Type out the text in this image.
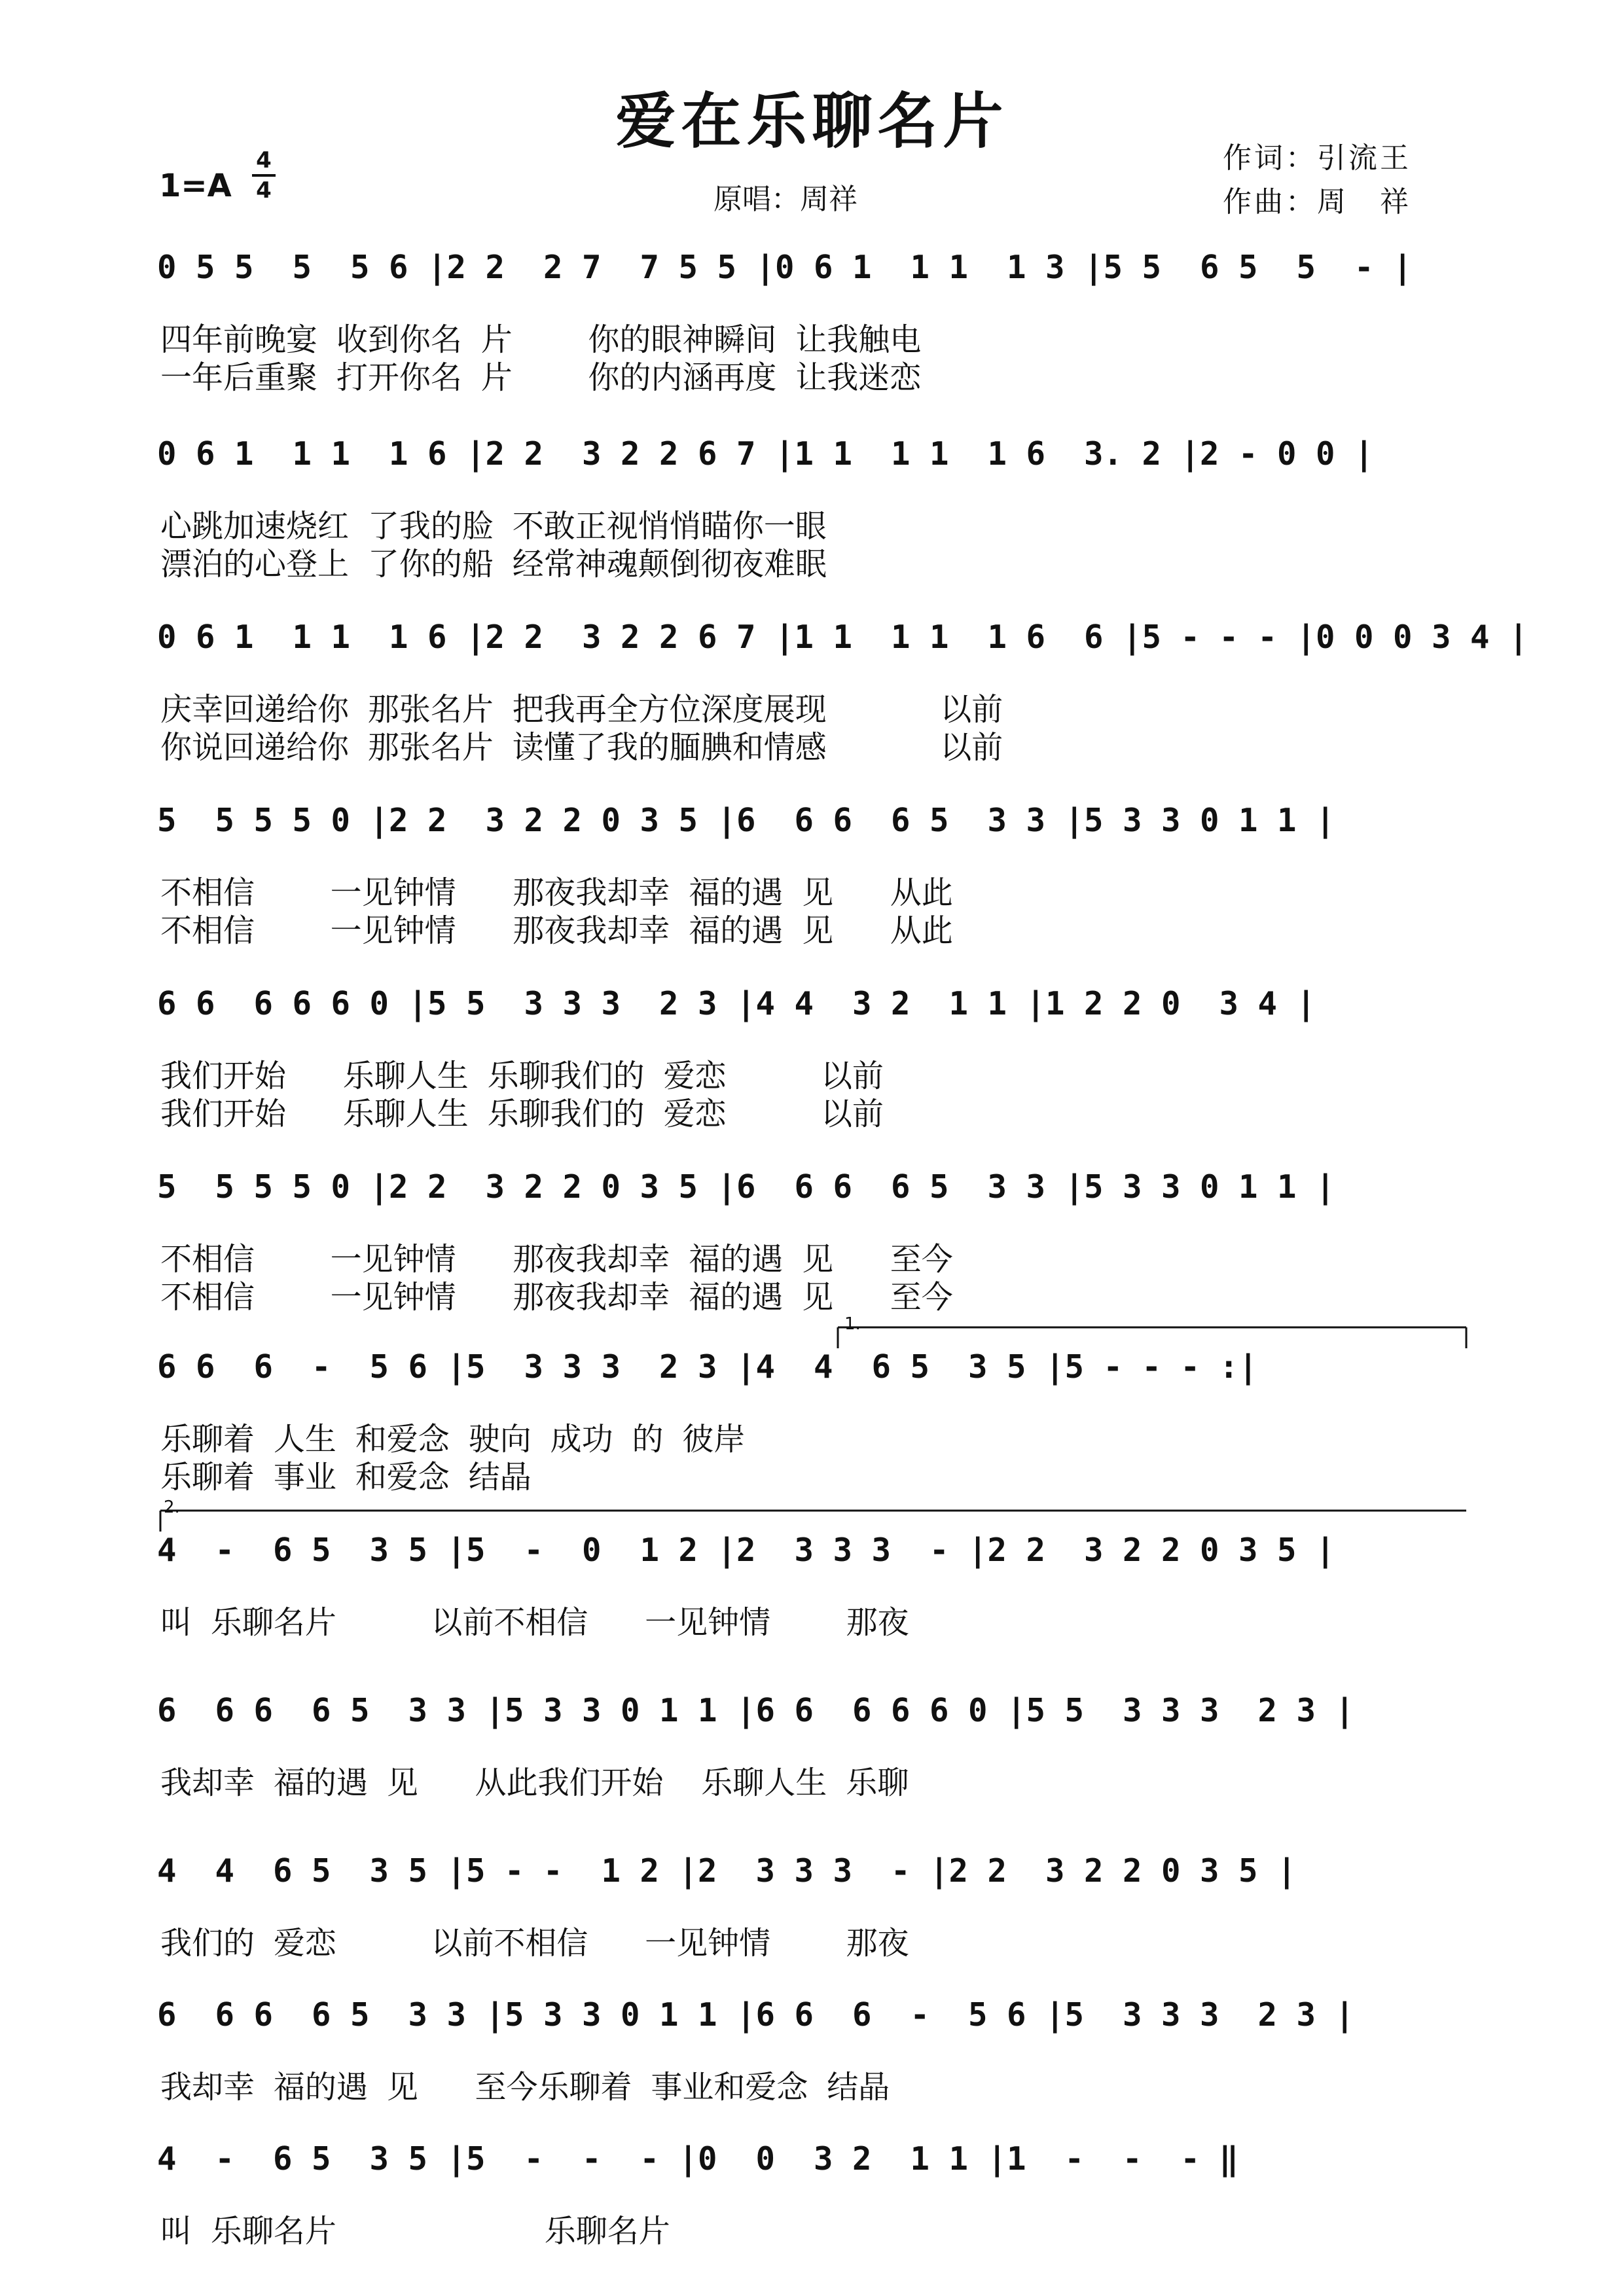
爱在乐聊名片
1=A
4
4	原唱：周祥
作词：引流王
作曲：周　祥
0 5 5  5  5 6 |2 2  2 7  7 5 5 |0 6 1  1 1  1 3 |5 5  6 5  5  - |
四年前晚宴 收到你名 片    你的眼神瞬间 让我触电
一年后重聚 打开你名 片    你的内涵再度 让我迷恋
0 6 1  1 1  1 6 |2 2  3 2 2 6 7 |1 1  1 1  1 6  3. 2 |2 - 0 0 |
心跳加速烧红 了我的脸 不敢正视悄悄瞄你一眼
漂泊的心登上 了你的船 经常神魂颠倒彻夜难眠
0 6 1  1 1  1 6 |2 2  3 2 2 6 7 |1 1  1 1  1 6  6 |5 - - - |0 0 0 3 4 |
庆幸回递给你 那张名片 把我再全方位深度展现      以前
你说回递给你 那张名片 读懂了我的腼腆和情感      以前
5  5 5 5 0 |2 2  3 2 2 0 3 5 |6  6 6  6 5  3 3 |5 3 3 0 1 1 |
不相信    一见钟情   那夜我却幸 福的遇 见   从此
不相信    一见钟情   那夜我却幸 福的遇 见   从此
6 6  6 6 6 0 |5 5  3 3 3  2 3 |4 4  3 2  1 1 |1 2 2 0  3 4 |
我们开始   乐聊人生 乐聊我们的 爱恋     以前
我们开始   乐聊人生 乐聊我们的 爱恋     以前
5  5 5 5 0 |2 2  3 2 2 0 3 5 |6  6 6  6 5  3 3 |5 3 3 0 1 1 |
不相信    一见钟情   那夜我却幸 福的遇 见   至今
不相信    一见钟情   那夜我却幸 福的遇 见   至今
6 6  6  -  5 6 |5  3 3 3  2 3 |4  4  6 5  3 5 |5 - - - :|
乐聊着 人生 和爱念 驶向 成功 的 彼岸
乐聊着 事业 和爱念 结晶
1.
4  -  6 5  3 5 |5  -  0  1 2 |2  3 3 3  - |2 2  3 2 2 0 3 5 |
叫 乐聊名片     以前不相信   一见钟情    那夜
2.
6  6 6  6 5  3 3 |5 3 3 0 1 1 |6 6  6 6 6 0 |5 5  3 3 3  2 3 |
我却幸 福的遇 见   从此我们开始  乐聊人生 乐聊
4  4  6 5  3 5 |5 - -  1 2 |2  3 3 3  - |2 2  3 2 2 0 3 5 |
我们的 爱恋     以前不相信   一见钟情    那夜
6  6 6  6 5  3 3 |5 3 3 0 1 1 |6 6  6  -  5 6 |5  3 3 3  2 3 |
我却幸 福的遇 见   至今乐聊着 事业和爱念 结晶
4  -  6 5  3 5 |5  -  -  - |0  0  3 2  1 1 |1  -  -  - ‖
叫 乐聊名片           乐聊名片
